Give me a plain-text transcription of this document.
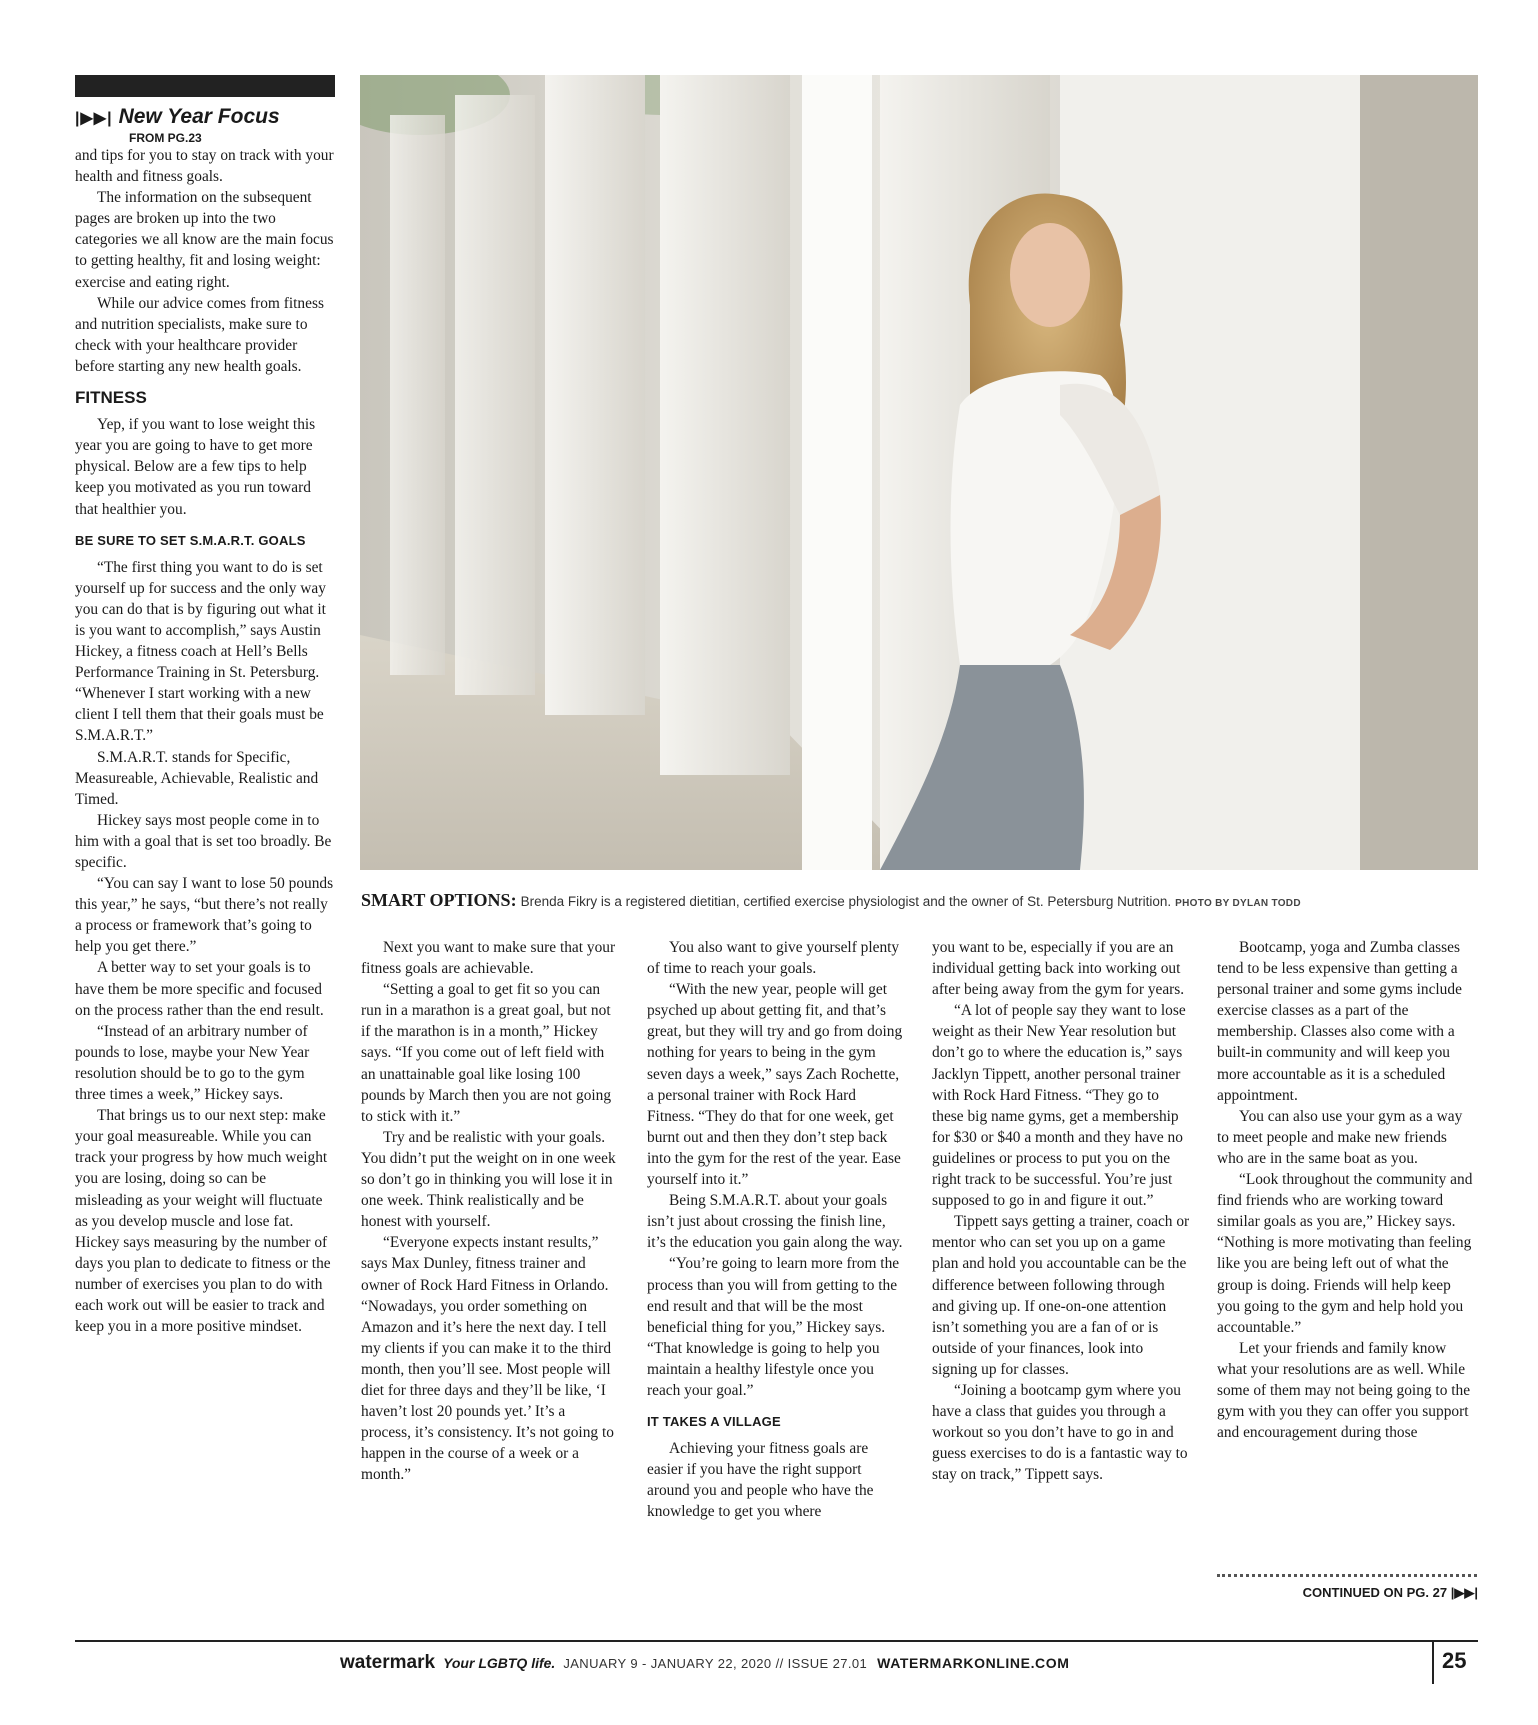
|▶▶| New Year Focus
FROM PG.23

and tips for you to stay on track with your health and fitness goals.

The information on the subsequent pages are broken up into the two categories we all know are the main focus to getting healthy, fit and losing weight: exercise and eating right.

While our advice comes from fitness and nutrition specialists, make sure to check with your healthcare provider before starting any new health goals.

FITNESS

Yep, if you want to lose weight this year you are going to have to get more physical. Below are a few tips to help keep you motivated as you run toward that healthier you.

BE SURE TO SET S.M.A.R.T. GOALS

“The first thing you want to do is set yourself up for success and the only way you can do that is by figuring out what it is you want to accomplish,” says Austin Hickey, a fitness coach at Hell’s Bells Performance Training in St. Petersburg. “Whenever I start working with a new client I tell them that their goals must be S.M.A.R.T.”

S.M.A.R.T. stands for Specific, Measureable, Achievable, Realistic and Timed.

Hickey says most people come in to him with a goal that is set too broadly. Be specific.

“You can say I want to lose 50 pounds this year,” he says, “but there’s not really a process or framework that’s going to help you get there.”

A better way to set your goals is to have them be more specific and focused on the process rather than the end result.

“Instead of an arbitrary number of pounds to lose, maybe your New Year resolution should be to go to the gym three times a week,” Hickey says.

That brings us to our next step: make your goal measureable. While you can track your progress by how much weight you are losing, doing so can be misleading as your weight will fluctuate as you develop muscle and lose fat. Hickey says measuring by the number of days you plan to dedicate to fitness or the number of exercises you plan to do with each work out will be easier to track and keep you in a more positive mindset.

SMART OPTIONS: Brenda Fikry is a registered dietitian, certified exercise physiologist and the owner of St. Petersburg Nutrition. PHOTO BY DYLAN TODD

Next you want to make sure that your fitness goals are achievable.

“Setting a goal to get fit so you can run in a marathon is a great goal, but not if the marathon is in a month,” Hickey says. “If you come out of left field with an unattainable goal like losing 100 pounds by March then you are not going to stick with it.”

Try and be realistic with your goals. You didn’t put the weight on in one week so don’t go in thinking you will lose it in one week. Think realistically and be honest with yourself.

“Everyone expects instant results,” says Max Dunley, fitness trainer and owner of Rock Hard Fitness in Orlando. “Nowadays, you order something on Amazon and it’s here the next day. I tell my clients if you can make it to the third month, then you’ll see. Most people will diet for three days and they’ll be like, ‘I haven’t lost 20 pounds yet.’ It’s a process, it’s consistency. It’s not going to happen in the course of a week or a month.”

You also want to give yourself plenty of time to reach your goals.

“With the new year, people will get psyched up about getting fit, and that’s great, but they will try and go from doing nothing for years to being in the gym seven days a week,” says Zach Rochette, a personal trainer with Rock Hard Fitness. “They do that for one week, get burnt out and then they don’t step back into the gym for the rest of the year. Ease yourself into it.”

Being S.M.A.R.T. about your goals isn’t just about crossing the finish line, it’s the education you gain along the way.

“You’re going to learn more from the process than you will from getting to the end result and that will be the most beneficial thing for you,” Hickey says. “That knowledge is going to help you maintain a healthy lifestyle once you reach your goal.”

IT TAKES A VILLAGE

Achieving your fitness goals are easier if you have the right support around you and people who have the knowledge to get you where

you want to be, especially if you are an individual getting back into working out after being away from the gym for years.

“A lot of people say they want to lose weight as their New Year resolution but don’t go to where the education is,” says Jacklyn Tippett, another personal trainer with Rock Hard Fitness. “They go to these big name gyms, get a membership for $30 or $40 a month and they have no guidelines or process to put you on the right track to be successful. You’re just supposed to go in and figure it out.”

Tippett says getting a trainer, coach or mentor who can set you up on a game plan and hold you accountable can be the difference between following through and giving up. If one-on-one attention isn’t something you are a fan of or is outside of your finances, look into signing up for classes.

“Joining a bootcamp gym where you have a class that guides you through a workout so you don’t have to go in and guess exercises to do is a fantastic way to stay on track,” Tippett says.

Bootcamp, yoga and Zumba classes tend to be less expensive than getting a personal trainer and some gyms include exercise classes as a part of the membership. Classes also come with a built-in community and will keep you more accountable as it is a scheduled appointment.

You can also use your gym as a way to meet people and make new friends who are in the same boat as you.

“Look throughout the community and find friends who are working toward similar goals as you are,” Hickey says. “Nothing is more motivating than feeling like you are being left out of what the group is doing. Friends will help keep you going to the gym and help hold you accountable.”

Let your friends and family know what your resolutions are as well. While some of them may not being going to the gym with you they can offer you support and encouragement during those

CONTINUED ON PG. 27 |▶▶|
watermark Your LGBTQ life. JANUARY 9 - JANUARY 22, 2020 // ISSUE 27.01 WATERMARKONLINE.COM	25
